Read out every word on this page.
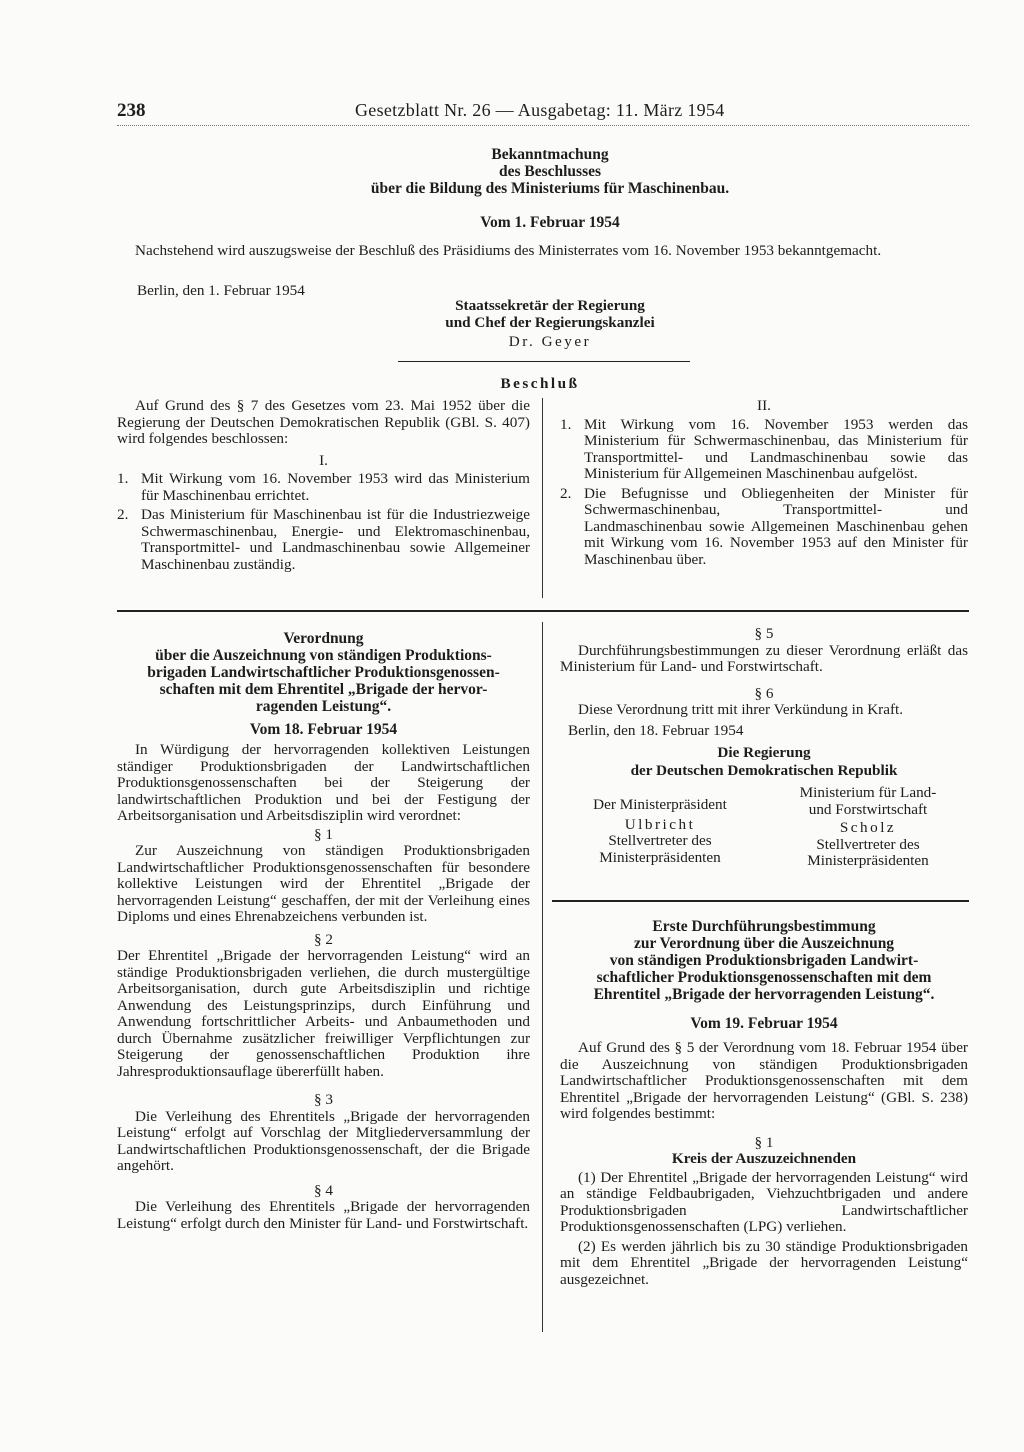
238	Gesetzblatt Nr. 26 — Ausgabetag: 11. März 1954
Bekanntmachung
des Beschlusses
über die Bildung des Ministeriums für Maschinenbau.
Vom 1. Februar 1954
Nachstehend wird auszugsweise der Beschluß des Präsidiums des Ministerrates vom 16. November 1953 bekanntgemacht.
Berlin, den 1. Februar 1954
Staatssekretär der Regierung
und Chef der Regierungskanzlei
Dr. Geyer
Beschluß
Auf Grund des § 7 des Gesetzes vom 23. Mai 1952 über die Regierung der Deutschen Demokratischen Republik (GBl. S. 407) wird folgendes beschlossen:
I.
1. Mit Wirkung vom 16. November 1953 wird das Ministerium für Maschinenbau errichtet.
2. Das Ministerium für Maschinenbau ist für die Industriezweige Schwermaschinenbau, Energie- und Elektromaschinenbau, Transportmittel- und Landmaschinenbau sowie Allgemeiner Maschinenbau zuständig.
II.
1. Mit Wirkung vom 16. November 1953 werden das Ministerium für Schwermaschinenbau, das Ministerium für Transportmittel- und Landmaschinenbau sowie das Ministerium für Allgemeinen Maschinenbau aufgelöst.
2. Die Befugnisse und Obliegenheiten der Minister für Schwermaschinenbau, Transportmittel- und Landmaschinenbau sowie Allgemeinen Maschinenbau gehen mit Wirkung vom 16. November 1953 auf den Minister für Maschinenbau über.
Verordnung
über die Auszeichnung von ständigen Produktions-
brigaden Landwirtschaftlicher Produktionsgenossen-
schaften mit dem Ehrentitel „Brigade der hervor-
ragenden Leistung“.
Vom 18. Februar 1954
In Würdigung der hervorragenden kollektiven Leistungen ständiger Produktionsbrigaden der Landwirtschaftlichen Produktionsgenossenschaften bei der Steigerung der landwirtschaftlichen Produktion und bei der Festigung der Arbeitsorganisation und Arbeitsdisziplin wird verordnet:
§ 1
Zur Auszeichnung von ständigen Produktionsbrigaden Landwirtschaftlicher Produktionsgenossenschaften für besondere kollektive Leistungen wird der Ehrentitel „Brigade der hervorragenden Leistung“ geschaffen, der mit der Verleihung eines Diploms und eines Ehrenabzeichens verbunden ist.
§ 2
Der Ehrentitel „Brigade der hervorragenden Leistung“ wird an ständige Produktionsbrigaden verliehen, die durch mustergültige Arbeitsorganisation, durch gute Arbeitsdisziplin und richtige Anwendung des Leistungsprinzips, durch Einführung und Anwendung fortschrittlicher Arbeits- und Anbaumethoden und durch Übernahme zusätzlicher freiwilliger Verpflichtungen zur Steigerung der genossenschaftlichen Produktion ihre Jahresproduktionsauflage übererfüllt haben.
§ 3
Die Verleihung des Ehrentitels „Brigade der hervorragenden Leistung“ erfolgt auf Vorschlag der Mitgliederversammlung der Landwirtschaftlichen Produktionsgenossenschaft, der die Brigade angehört.
§ 4
Die Verleihung des Ehrentitels „Brigade der hervorragenden Leistung“ erfolgt durch den Minister für Land- und Forstwirtschaft.
§ 5
Durchführungsbestimmungen zu dieser Verordnung erläßt das Ministerium für Land- und Forstwirtschaft.
§ 6
Diese Verordnung tritt mit ihrer Verkündung in Kraft.
Berlin, den 18. Februar 1954
Die Regierung
der Deutschen Demokratischen Republik
Der Ministerpräsident
Ulbricht
Stellvertreter des
Ministerpräsidenten
Ministerium für Land-
und Forstwirtschaft
Scholz
Stellvertreter des
Ministerpräsidenten
Erste Durchführungsbestimmung
zur Verordnung über die Auszeichnung
von ständigen Produktionsbrigaden Landwirt-
schaftlicher Produktionsgenossenschaften mit dem
Ehrentitel „Brigade der hervorragenden Leistung“.
Vom 19. Februar 1954
Auf Grund des § 5 der Verordnung vom 18. Februar 1954 über die Auszeichnung von ständigen Produktionsbrigaden Landwirtschaftlicher Produktionsgenossenschaften mit dem Ehrentitel „Brigade der hervorragenden Leistung“ (GBl. S. 238) wird folgendes bestimmt:
§ 1
Kreis der Auszuzeichnenden
(1) Der Ehrentitel „Brigade der hervorragenden Leistung“ wird an ständige Feldbaubrigaden, Viehzuchtbrigaden und andere Produktionsbrigaden Landwirtschaftlicher Produktionsgenossenschaften (LPG) verliehen.
(2) Es werden jährlich bis zu 30 ständige Produktionsbrigaden mit dem Ehrentitel „Brigade der hervorragenden Leistung“ ausgezeichnet.
